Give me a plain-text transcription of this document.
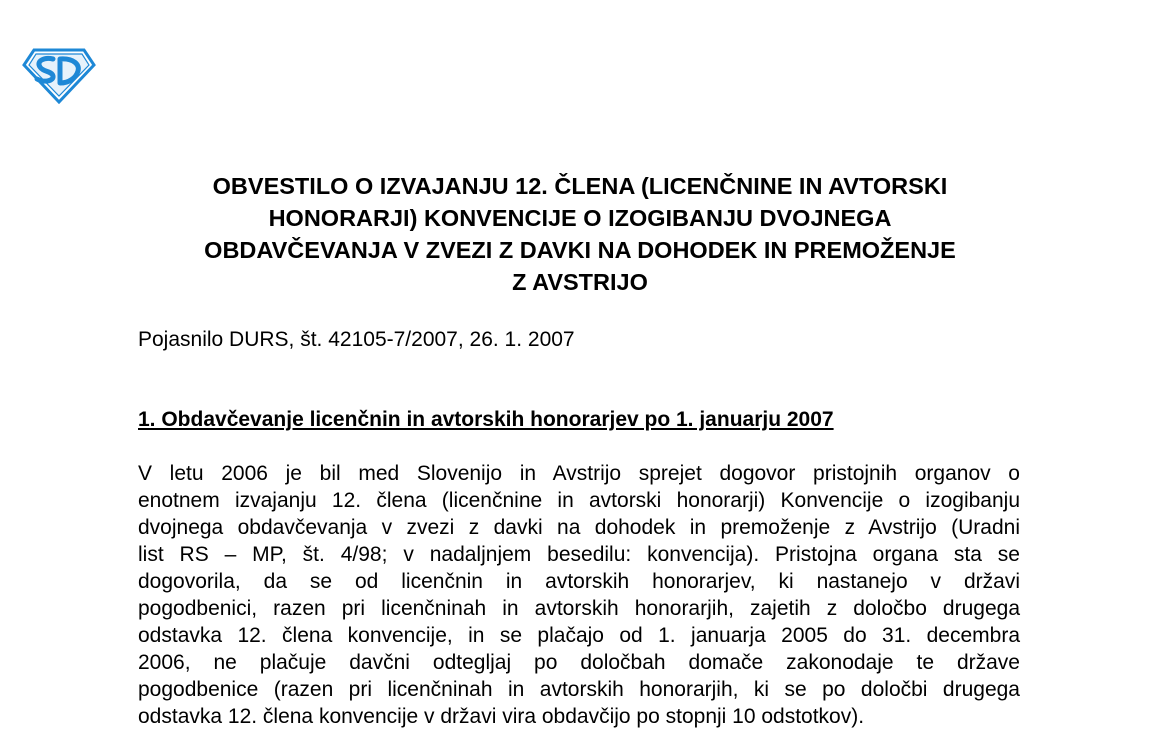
OBVESTILO O IZVAJANJU 12. ČLENA (LICENČNINE IN AVTORSKI
HONORARJI) KONVENCIJE O IZOGIBANJU DVOJNEGA
OBDAVČEVANJA V ZVEZI Z DAVKI NA DOHODEK IN PREMOŽENJE
Z AVSTRIJO

Pojasnilo DURS, št. 42105-7/2007, 26. 1. 2007

1. Obdavčevanje licenčnin in avtorskih honorarjev po 1. januarju 2007

V letu 2006 je bil med Slovenijo in Avstrijo sprejet dogovor pristojnih organov o
enotnem izvajanju 12. člena (licenčnine in avtorski honorarji) Konvencije o izogibanju
dvojnega obdavčevanja v zvezi z davki na dohodek in premoženje z Avstrijo (Uradni
list RS – MP, št. 4/98; v nadaljnjem besedilu: konvencija). Pristojna organa sta se
dogovorila, da se od licenčnin in avtorskih honorarjev, ki nastanejo v državi
pogodbenici, razen pri licenčninah in avtorskih honorarjih, zajetih z določbo drugega
odstavka 12. člena konvencije, in se plačajo od 1. januarja 2005 do 31. decembra
2006, ne plačuje davčni odtegljaj po določbah domače zakonodaje te države
pogodbenice (razen pri licenčninah in avtorskih honorarjih, ki se po določbi drugega
odstavka 12. člena konvencije v državi vira obdavčijo po stopnji 10 odstotkov).
